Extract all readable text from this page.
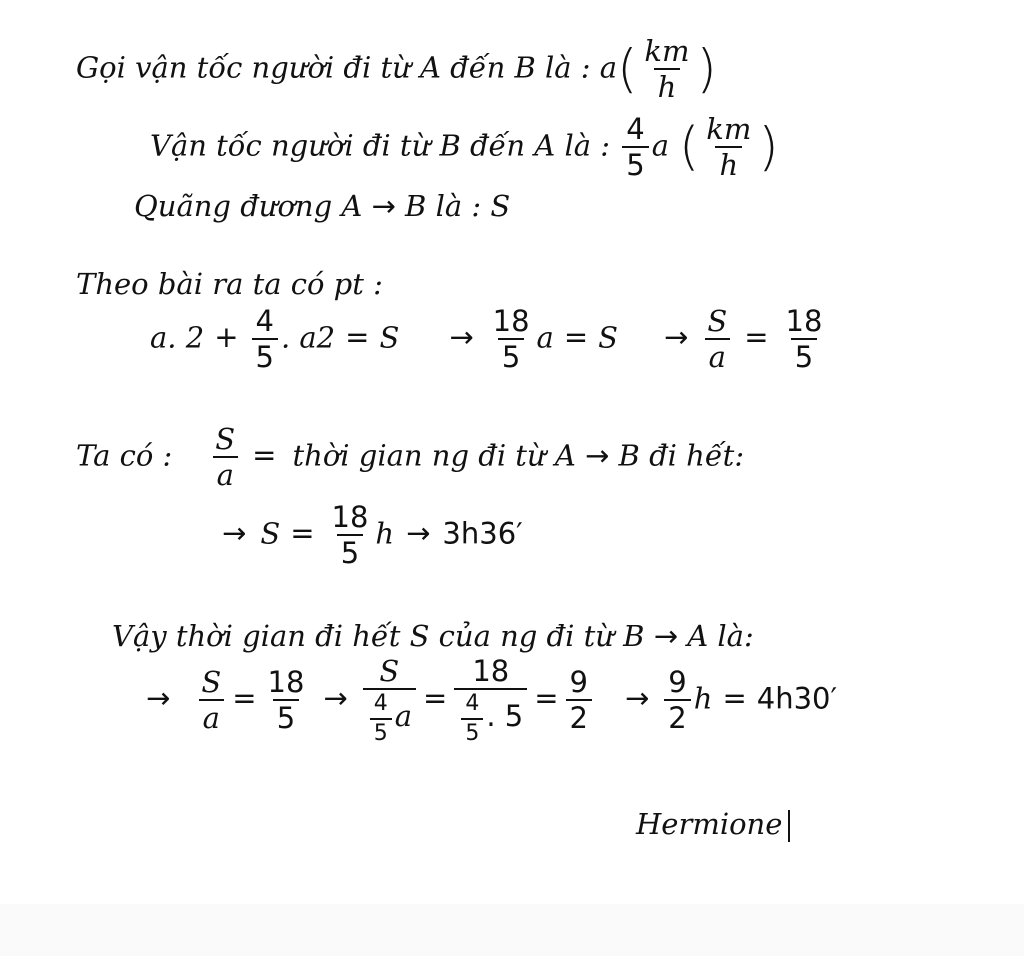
Gọi vận tốc người đi từ A đến B là : $a( \frac{km}{h}$ )
Vận tốc người đi từ B đến A là : $\frac{4}{5}$ a ( $\frac{km}{h}$ )
Quãng đương A → B là : S
Theo bài ra ta có pt :
a. $2 + \frac{4}{5}$ . $a2 = S \to \frac{18}{5}$ $a = S \to \frac{S}{a} = \frac{18}{5}$
Ta có : $\frac{S}{a}$ = thời gian ng đi từ A → B đi hết:
→ $S = \frac{18}{5}$ h → 3h36′
Vậy thời gian đi hết S của ng đi từ B → A là:
→ $\frac{S}{a} = \frac{18}{5} \to \frac{S}{\frac{4}{5} a} = \frac{18}{\frac{4}{5} . 5} = \frac{9}{2} \to \frac{9}{2}$ h = 4h30′
Hermione
